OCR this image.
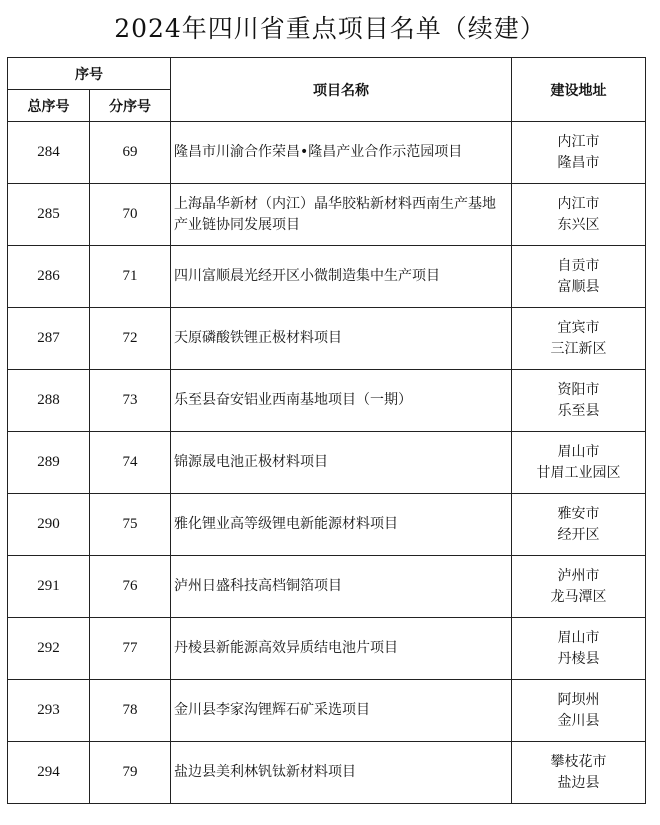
2024年四川省重点项目名单（续建）
序号		项目名称	建设地址
总序号	分序号		
284	69	隆昌市川渝合作荣昌•隆昌产业合作示范园项目	内江市
隆昌市

285	70	上海晶华新材（内江）晶华胶粘新材料西南生产基地产业链协同发展项目	内江市
东兴区

286	71	四川富顺晨光经开区小微制造集中生产项目	自贡市
富顺县

287	72	天原磷酸铁锂正极材料项目	宜宾市
三江新区

288	73	乐至县奋安铝业西南基地项目（一期）	资阳市
乐至县

289	74	锦源晟电池正极材料项目	眉山市
甘眉工业园区

290	75	雅化锂业高等级锂电新能源材料项目	雅安市
经开区

291	76	泸州日盛科技高档铜箔项目	泸州市
龙马潭区

292	77	丹棱县新能源高效异质结电池片项目	眉山市
丹棱县

293	78	金川县李家沟锂辉石矿采选项目	阿坝州
金川县

294	79	盐边县美利林钒钛新材料项目	攀枝花市
盐边县
